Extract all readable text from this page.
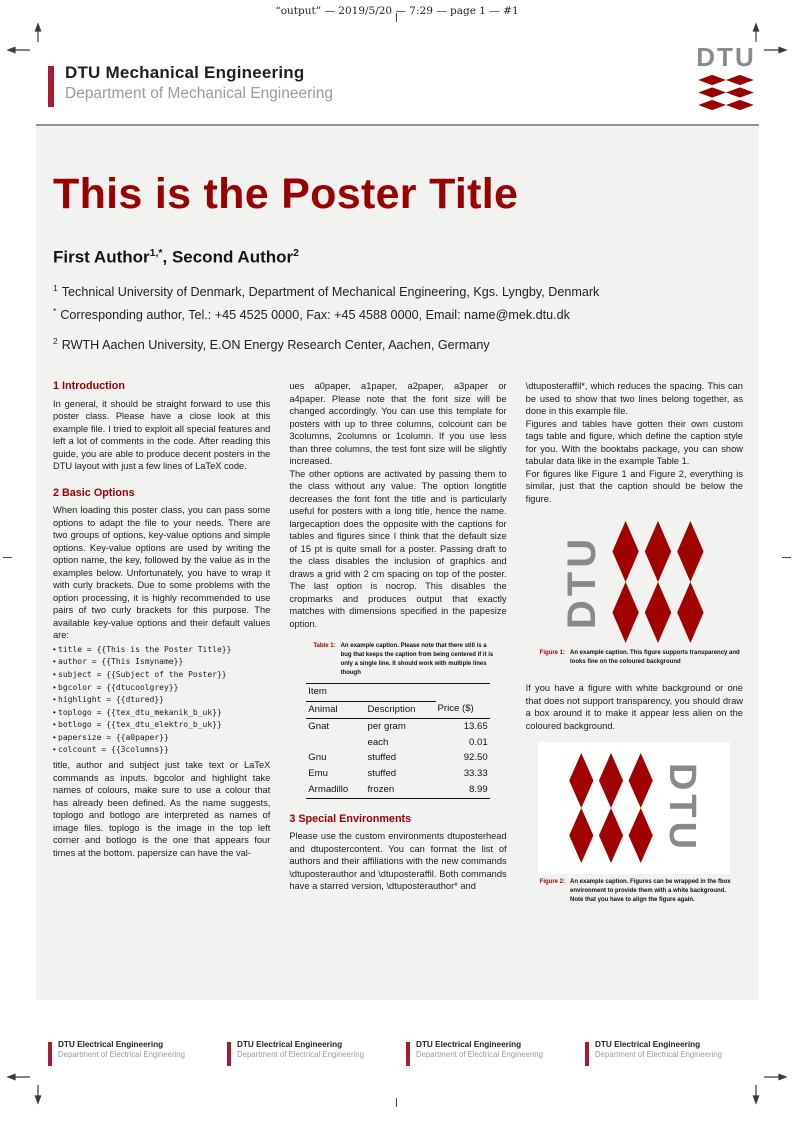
“output” — 2019/5/20 — 7:29 — page 1 — #1
DTU Mechanical Engineering
Department of Mechanical Engineering
DTU
This is the Poster Title
First Author$^{1,*}$, Second Author$^2$
$^1$ Technical University of Denmark, Department of Mechanical Engineering, Kgs. Lyngby, Denmark
* Corresponding author, Tel.: +45 4525 0000, Fax: +45 4588 0000, Email: name@mek.dtu.dk
$^2$ RWTH Aachen University, E.ON Energy Research Center, Aachen, Germany
1 Introduction

In general, it should be straight forward to use this poster class. Please have a close look at this example file. I tried to exploit all special features and left a lot of comments in the code. After reading this guide, you are able to produce decent posters in the DTU layout with just a few lines of LaTeX code.

2 Basic Options

When loading this poster class, you can pass some options to adapt the file to your needs. There are two groups of options, key-value options and simple options. Key-value options are used by writing the option name, the key, followed by the value as in the examples below. Unfortunately, you have to wrap it with curly brackets. Due to some problems with the option processing, it is highly recommended to use pairs of two curly brackets for this purpose. The available key-value options and their default values are:

• title = {{This is the Poster Title}}
• author = {{This Ismyname}}
• subject = {{Subject of the Poster}}
• bgcolor = {{dtucoolgrey}}
• highlight = {{dtured}}
• toplogo = {{tex_dtu_mekanik_b_uk}}
• botlogo = {{tex_dtu_elektro_b_uk}}
• papersize = {{a0paper}}
• colcount = {{3columns}}

title, author and subject just take text or LaTeX commands as inputs. bgcolor and highlight take names of colours, make sure to use a colour that has already been defined. As the name suggests, toplogo and botlogo are interpreted as names of image files. toplogo is the image in the top left corner and botlogo is the one that appears four times at the bottom. papersize can have the val-

ues a0paper, a1paper, a2paper, a3paper or a4paper. Please note that the font size will be changed accordingly. You can use this template for posters with up to three columns, colcount can be 3columns, 2columns or 1column. If you use less than three columns, the test font size will be slightly increased.

The other options are activated by passing them to the class without any value. The option longtitle decreases the font font the title and is particularly useful for posters with a long title, hence the name. largecaption does the opposite with the captions for tables and figures since I think that the default size of 15 pt is quite small for a poster. Passing draft to the class disables the inclusion of graphics and draws a grid with 2 cm spacing on top of the poster. The last option is nocrop. This disables the cropmarks and produces output that exactly matches with dimensions specified in the papesize option.

Table 1: An example caption. Please note that there still is a bug that keeps the caption from being centered if it is only a single line. It should work with multiple lines though
Item		
Animal	Description	Price ($)
Gnat	per gram	13.65
	each	0.01
Gnu	stuffed	92.50
Emu	stuffed	33.33
Armadillo	frozen	8.99
3 Special Environments

Please use the custom environments dtuposterhead and dtupostercontent. You can format the list of authors and their affiliations with the new commands \dtuposterauthor and \dtuposteraffil. Both commands have a starred version, \dtuposterauthor* and

\dtuposteraffil*, which reduces the spacing. This can be used to show that two lines belong together, as done in this example file.

Figures and tables have gotten their own custom tags table and figure, which define the caption style for you. With the booktabs package, you can show tabular data like in the example Table 1.

For figures like Figure 1 and Figure 2, everything is similar, just that the caption should be below the figure.

DTU
Figure 1: An example caption. This figure supports transparency and looks fine on the coloured background

If you have a figure with white background or one that does not support transparency, you should draw a box around it to make it appear less alien on the coloured background.

DTU
Figure 2: An example caption. Figures can be wrapped in the fbox environment to provide them with a white background. Note that you have to align the figure again.
DTU Electrical Engineering
Department of Electrical Engineering
DTU Electrical Engineering
Department of Electrical Engineering
DTU Electrical Engineering
Department of Electrical Engineering
DTU Electrical Engineering
Department of Electrical Engineering
